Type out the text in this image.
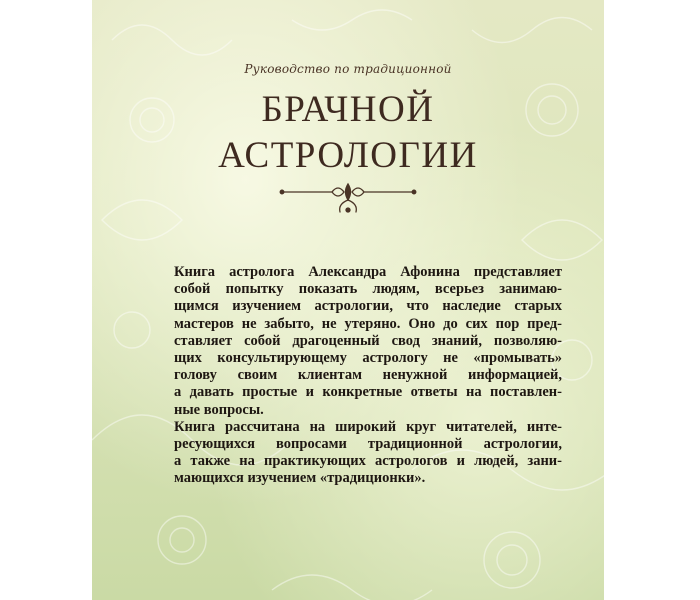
Руководство по традиционной
БРАЧНОЙ
АСТРОЛОГИИ

Книга астролога Александра Афонина представляет
собой попытку показать людям, всерьез занимаю-
щимся изучением астрологии, что наследие старых
мастеров не забыто, не утеряно. Оно до сих пор пред-
ставляет собой драгоценный свод знаний, позволяю-
щих консультирующему астрологу не «промывать»
голову своим клиентам ненужной информацией,
а давать простые и конкретные ответы на поставлен-
ные вопросы.

Книга рассчитана на широкий круг читателей, инте-
ресующихся вопросами традиционной астрологии,
а также на практикующих астрологов и людей, зани-
мающихся изучением «традиционки».
